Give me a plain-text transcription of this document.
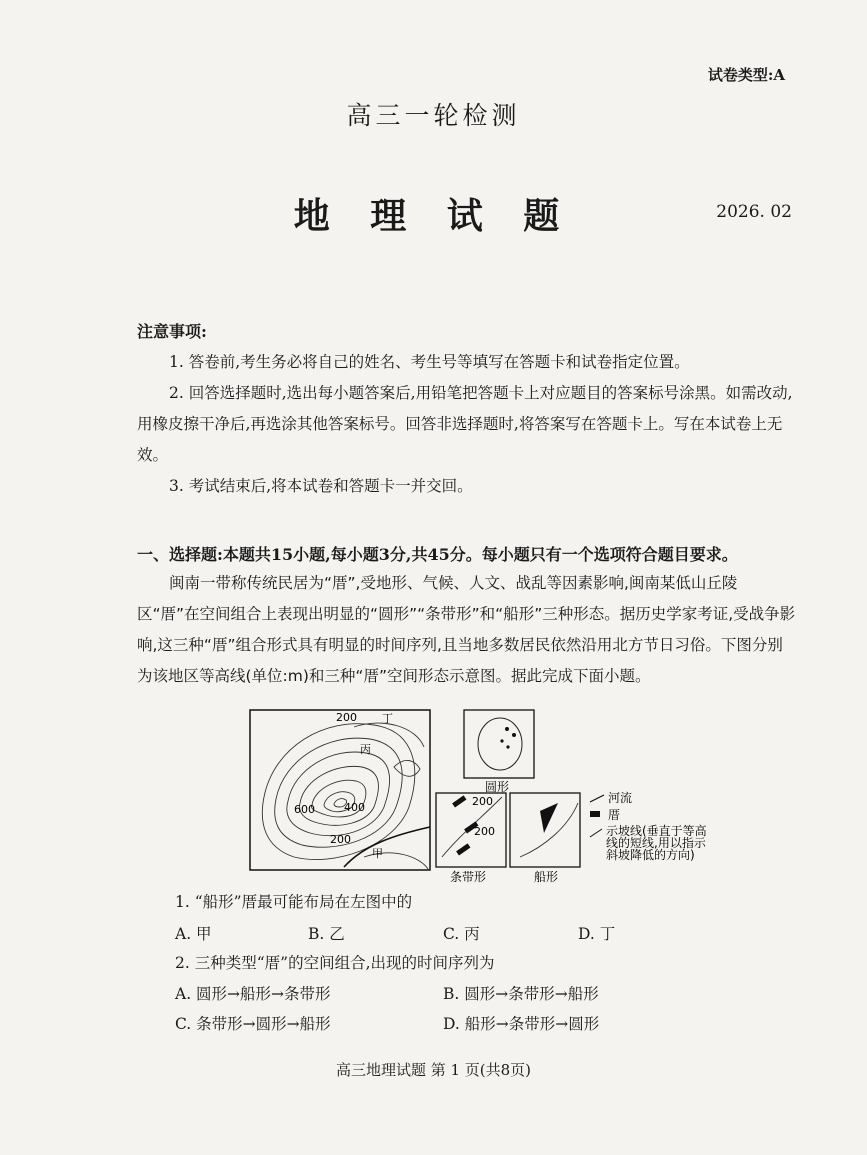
试卷类型:A
高三一轮检测
地 理 试 题	2026. 02
注意事项:
1. 答卷前,考生务必将自己的姓名、考生号等填写在答题卡和试卷指定位置。
2. 回答选择题时,选出每小题答案后,用铅笔把答题卡上对应题目的答案标号涂黑。如需改动,用橡皮擦干净后,再选涂其他答案标号。回答非选择题时,将答案写在答题卡上。写在本试卷上无效。
3. 考试结束后,将本试卷和答题卡一并交回。
一、选择题:本题共15小题,每小题3分,共45分。每小题只有一个选项符合题目要求。
闽南一带称传统民居为“厝”,受地形、气候、人文、战乱等因素影响,闽南某低山丘陵区“厝”在空间组合上表现出明显的“圆形”“条带形”和“船形”三种形态。据历史学家考证,受战争影响,这三种“厝”组合形式具有明显的时间序列,且当地多数居民依然沿用北方节日习俗。下图分别为该地区等高线(单位:m)和三种“厝”空间形态示意图。据此完成下面小题。
200 丁
丙
400
600
200
甲
圆形
200
200
条带形	船形
河流
厝
示坡线(垂直于等高
线的短线,用以指示
斜坡降低的方向)
1. “船形”厝最可能布局在左图中的
A. 甲	B. 乙	C. 丙	D. 丁
2. 三种类型“厝”的空间组合,出现的时间序列为
A. 圆形→船形→条带形	B. 圆形→条带形→船形
C. 条带形→圆形→船形	D. 船形→条带形→圆形
高三地理试题 第 1 页(共8页)
